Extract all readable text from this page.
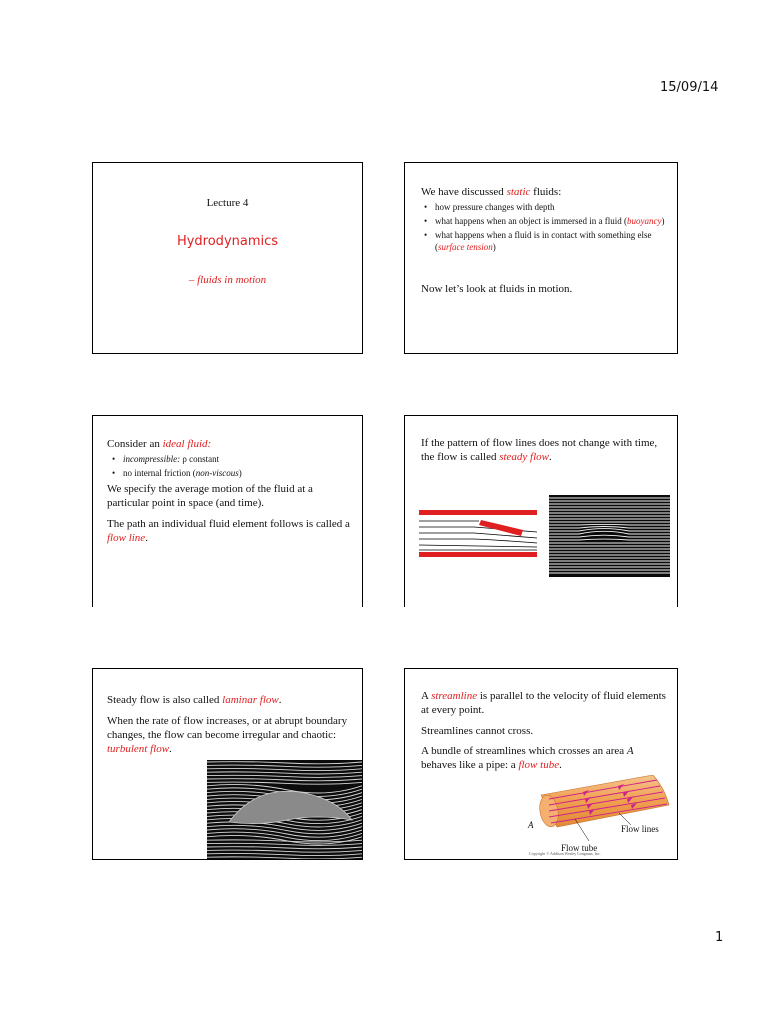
15/09/14
Lecture 4
Hydrodynamics
– fluids in motion
We have discussed static fluids:
• how pressure changes with depth
• what happens when an object is immersed in a fluid (buoyancy)
• what happens when a fluid is in contact with something else (surface tension)
Now let’s look at fluids in motion.
Consider an ideal fluid:
• incompressible: ρ constant
• no internal friction (non-viscous)
We specify the average motion of the fluid at a particular point in space (and time).
The path an individual fluid element follows is called a flow line.
If the pattern of flow lines does not change with time, the flow is called steady flow.
Steady flow is also called laminar flow.
When the rate of flow increases, or at abrupt boundary changes, the flow can become irregular and chaotic: turbulent flow.
A streamline is parallel to the velocity of fluid elements at every point.
Streamlines cannot cross.
A bundle of streamlines which crosses an area A behaves like a pipe: a flow tube.
A	Flow lines
Flow tube
Copyright © Addison Wesley Longman, Inc.
1
